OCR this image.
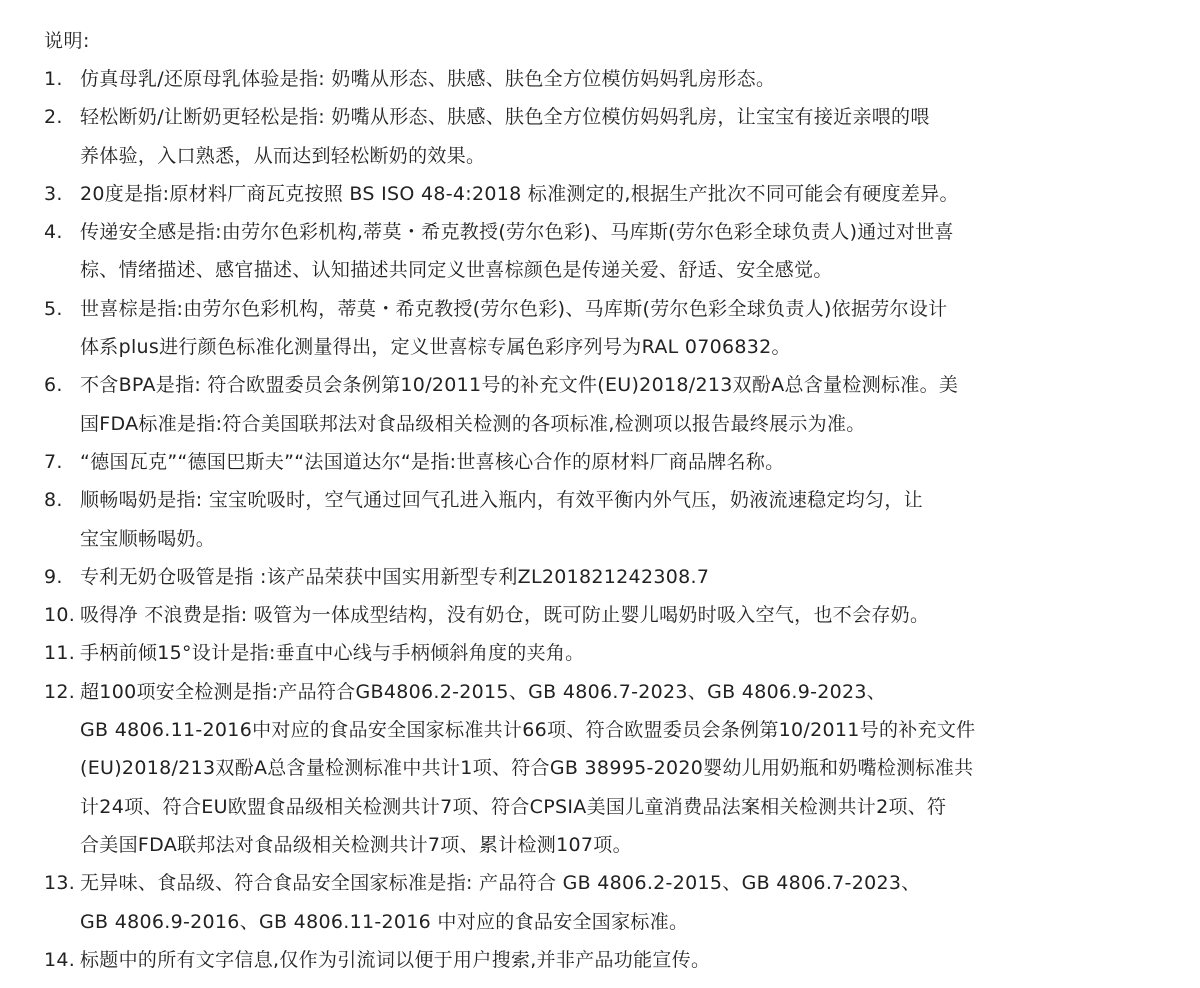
说明:
1. 仿真母乳/还原母乳体验是指: 奶嘴从形态、肤感、肤色全方位模仿妈妈乳房形态。
2. 轻松断奶/让断奶更轻松是指: 奶嘴从形态、肤感、肤色全方位模仿妈妈乳房，让宝宝有接近亲喂的喂
养体验，入口熟悉，从而达到轻松断奶的效果。
3. 20度是指:原材料厂商瓦克按照 BS ISO 48-4:2018 标准测定的,根据生产批次不同可能会有硬度差异。
4. 传递安全感是指:由劳尔色彩机构,蒂莫・希克教授(劳尔色彩)、马库斯(劳尔色彩全球负责人)通过对世喜
棕、情绪描述、感官描述、认知描述共同定义世喜棕颜色是传递关爱、舒适、安全感觉。
5. 世喜棕是指:由劳尔色彩机构，蒂莫・希克教授(劳尔色彩)、马库斯(劳尔色彩全球负责人)依据劳尔设计
体系plus进行颜色标准化测量得出，定义世喜棕专属色彩序列号为RAL 0706832。
6. 不含BPA是指: 符合欧盟委员会条例第10/2011号的补充文件(EU)2018/213双酚A总含量检测标准。美
国FDA标准是指:符合美国联邦法对食品级相关检测的各项标准,检测项以报告最终展示为准。
7. “德国瓦克”“德国巴斯夫”“法国道达尔“是指:世喜核心合作的原材料厂商品牌名称。
8. 顺畅喝奶是指: 宝宝吮吸时，空气通过回气孔进入瓶内，有效平衡内外气压，奶液流速稳定均匀，让
宝宝顺畅喝奶。
9. 专利无奶仓吸管是指 :该产品荣获中国实用新型专利ZL201821242308.7
10. 吸得净 不浪费是指: 吸管为一体成型结构，没有奶仓，既可防止婴儿喝奶时吸入空气，也不会存奶。
11. 手柄前倾15°设计是指:垂直中心线与手柄倾斜角度的夹角。
12. 超100项安全检测是指:产品符合GB4806.2-2015、GB 4806.7-2023、GB 4806.9-2023、
GB 4806.11-2016中对应的食品安全国家标准共计66项、符合欧盟委员会条例第10/2011号的补充文件
(EU)2018/213双酚A总含量检测标准中共计1项、符合GB 38995-2020婴幼儿用奶瓶和奶嘴检测标准共
计24项、符合EU欧盟食品级相关检测共计7项、符合CPSIA美国儿童消费品法案相关检测共计2项、符
合美国FDA联邦法对食品级相关检测共计7项、累计检测107项。
13. 无异味、食品级、符合食品安全国家标准是指: 产品符合 GB 4806.2-2015、GB 4806.7-2023、
GB 4806.9-2016、GB 4806.11-2016 中对应的食品安全国家标准。
14. 标题中的所有文字信息,仅作为引流词以便于用户搜索,并非产品功能宣传。
